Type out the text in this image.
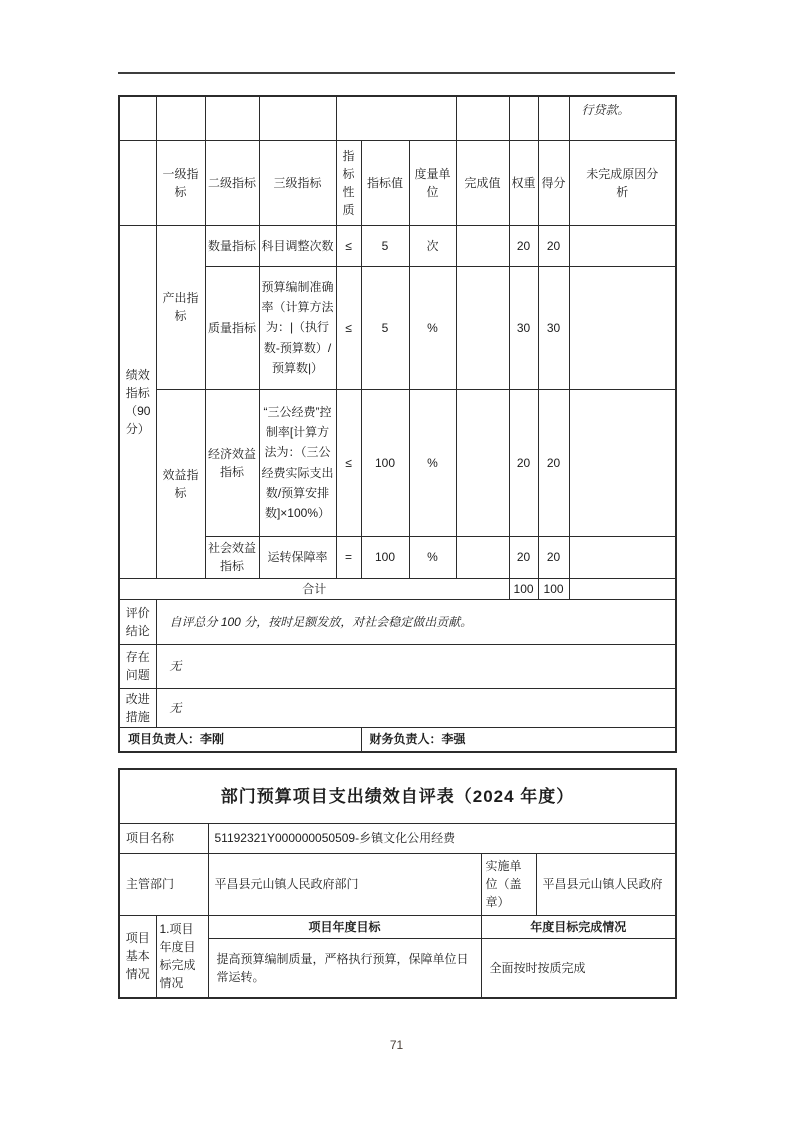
										行贷款。
	一级指标	二级指标	三级指标	指标性质	指标值	度量单位	完成值	权重	得分	未完成原因分析
绩效指标（90分）	产出指标	数量指标	科目调整次数	≤	5	次		20	20	
		质量指标	预算编制准确率（计算方法为：|（执行数-预算数）/预算数|）	≤	5	%		30	30	
	效益指标	经济效益指标	“三公经费”控制率[计算方法为：（三公经费实际支出数/预算安排数]×100%）	≤	100	%		20	20	
		社会效益指标	运转保障率	=	100	%		20	20	
合计								100	100	
评价结论	自评总分 100 分，按时足额发放，对社会稳定做出贡献。									
存在问题	无									
改进措施	无									
项目负责人：李刚					财务负责人：李强					
部门预算项目支出绩效自评表（2024 年度）				
项目名称		51192321Y000000050509-乡镇文化公用经费		
主管部门		平昌县元山镇人民政府部门	实施单位（盖章）	平昌县元山镇人民政府
项目基本情况	1.项目年度目标完成情况	项目年度目标	年度目标完成情况	
		提高预算编制质量，严格执行预算，保障单位日常运转。	全面按时按质完成	
71
